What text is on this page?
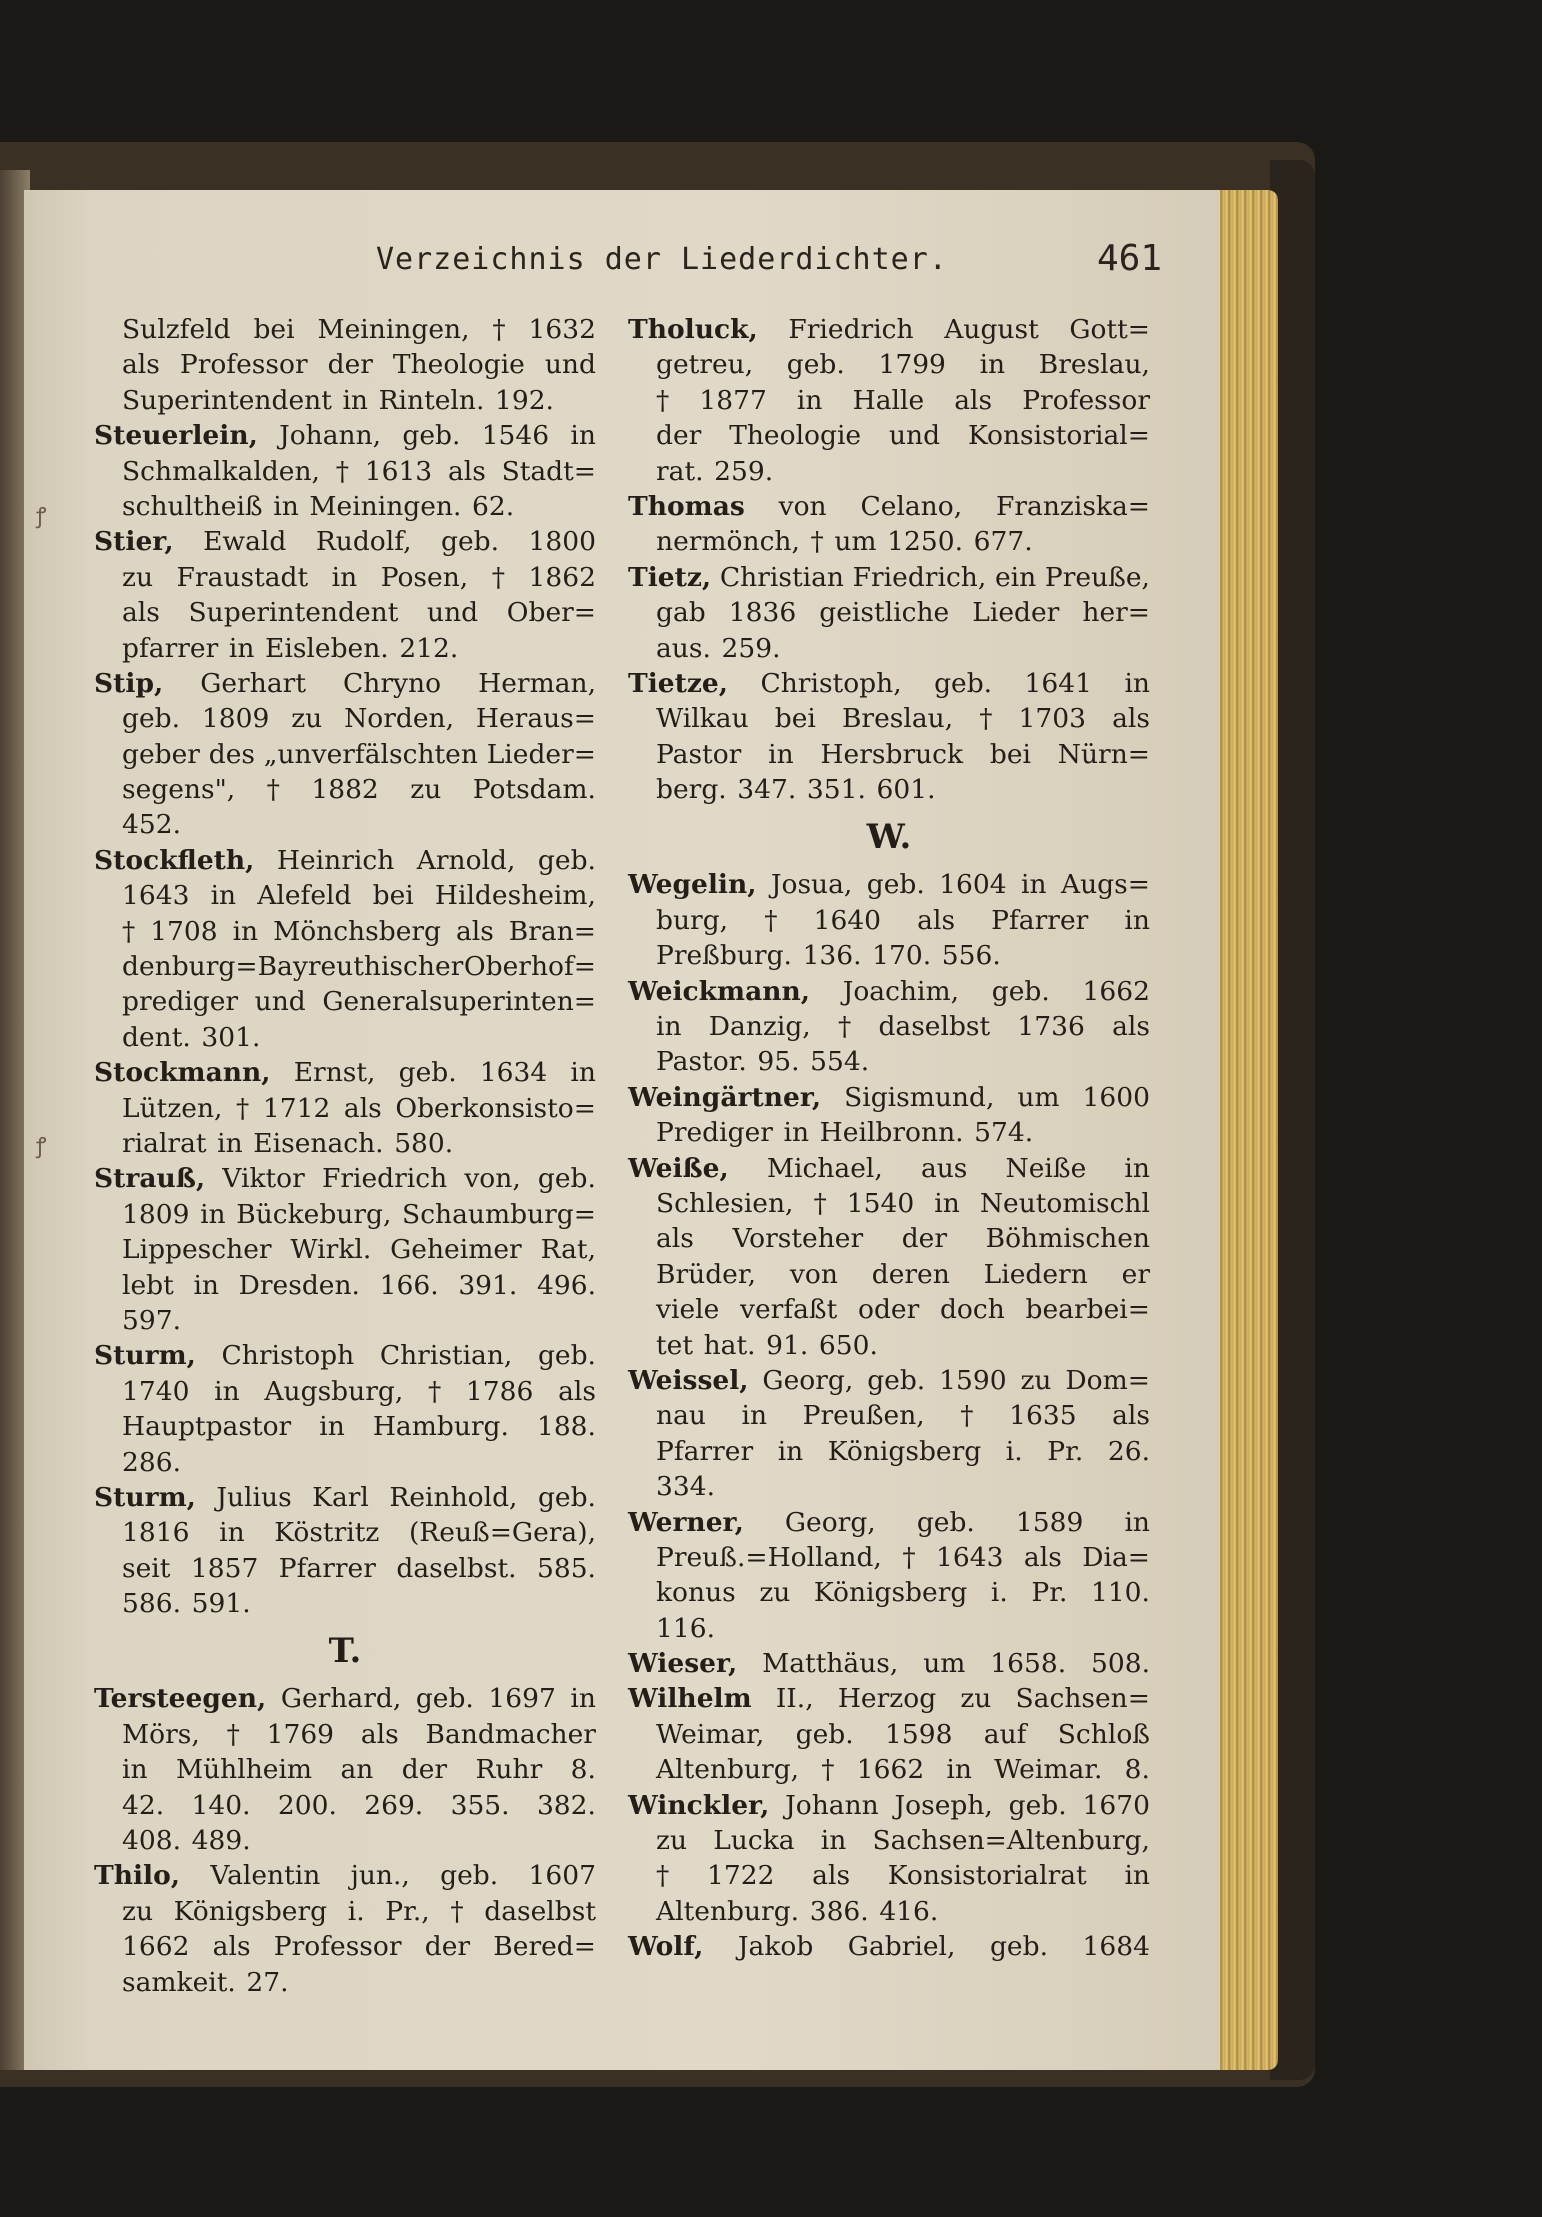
ꝭ
ꝭ
Verzeichnis der Liederdichter.	461
Sulzfeld bei Meiningen, † 1632
als Professor der Theologie und
Superintendent in Rinteln. 192.
Steuerlein, Johann, geb. 1546 in
Schmalkalden, † 1613 als Stadt=
schultheiß in Meiningen. 62.
Stier, Ewald Rudolf, geb. 1800
zu Fraustadt in Posen, † 1862
als Superintendent und Ober=
pfarrer in Eisleben. 212.
Stip, Gerhart Chryno Herman,
geb. 1809 zu Norden, Heraus=
geber des „unverfälschten Lieder=
segens", † 1882 zu Potsdam.
452.
Stockfleth, Heinrich Arnold, geb.
1643 in Alefeld bei Hildesheim,
† 1708 in Mönchsberg als Bran=
denburg=Bayreuthischer Oberhof=
prediger und Generalsuperinten=
dent. 301.
Stockmann, Ernst, geb. 1634 in
Lützen, † 1712 als Oberkonsisto=
rialrat in Eisenach. 580.
Strauß, Viktor Friedrich von, geb.
1809 in Bückeburg, Schaumburg=
Lippescher Wirkl. Geheimer Rat,
lebt in Dresden. 166. 391. 496.
597.
Sturm, Christoph Christian, geb.
1740 in Augsburg, † 1786 als
Hauptpastor in Hamburg. 188.
286.
Sturm, Julius Karl Reinhold, geb.
1816 in Köstritz (Reuß=Gera),
seit 1857 Pfarrer daselbst. 585.
586. 591.
T.
Tersteegen, Gerhard, geb. 1697 in
Mörs, † 1769 als Bandmacher
in Mühlheim an der Ruhr 8.
42. 140. 200. 269. 355. 382.
408. 489.
Thilo, Valentin jun., geb. 1607
zu Königsberg i. Pr., † daselbst
1662 als Professor der Bered=
samkeit. 27.
Tholuck, Friedrich August Gott=
getreu, geb. 1799 in Breslau,
† 1877 in Halle als Professor
der Theologie und Konsistorial=
rat. 259.
Thomas von Celano, Franziska=
nermönch, † um 1250. 677.
Tietz, Christian Friedrich, ein Preuße,
gab 1836 geistliche Lieder her=
aus. 259.
Tietze, Christoph, geb. 1641 in
Wilkau bei Breslau, † 1703 als
Pastor in Hersbruck bei Nürn=
berg. 347. 351. 601.
W.
Wegelin, Josua, geb. 1604 in Augs=
burg, † 1640 als Pfarrer in
Preßburg. 136. 170. 556.
Weickmann, Joachim, geb. 1662
in Danzig, † daselbst 1736 als
Pastor. 95. 554.
Weingärtner, Sigismund, um 1600
Prediger in Heilbronn. 574.
Weiße, Michael, aus Neiße in
Schlesien, † 1540 in Neutomischl
als Vorsteher der Böhmischen
Brüder, von deren Liedern er
viele verfaßt oder doch bearbei=
tet hat. 91. 650.
Weissel, Georg, geb. 1590 zu Dom=
nau in Preußen, † 1635 als
Pfarrer in Königsberg i. Pr. 26.
334.
Werner, Georg, geb. 1589 in
Preuß.=Holland, † 1643 als Dia=
konus zu Königsberg i. Pr. 110.
116.
Wieser, Matthäus, um 1658. 508.
Wilhelm II., Herzog zu Sachsen=
Weimar, geb. 1598 auf Schloß
Altenburg, † 1662 in Weimar. 8.
Winckler, Johann Joseph, geb. 1670
zu Lucka in Sachsen=Altenburg,
† 1722 als Konsistorialrat in
Altenburg. 386. 416.
Wolf, Jakob Gabriel, geb. 1684
